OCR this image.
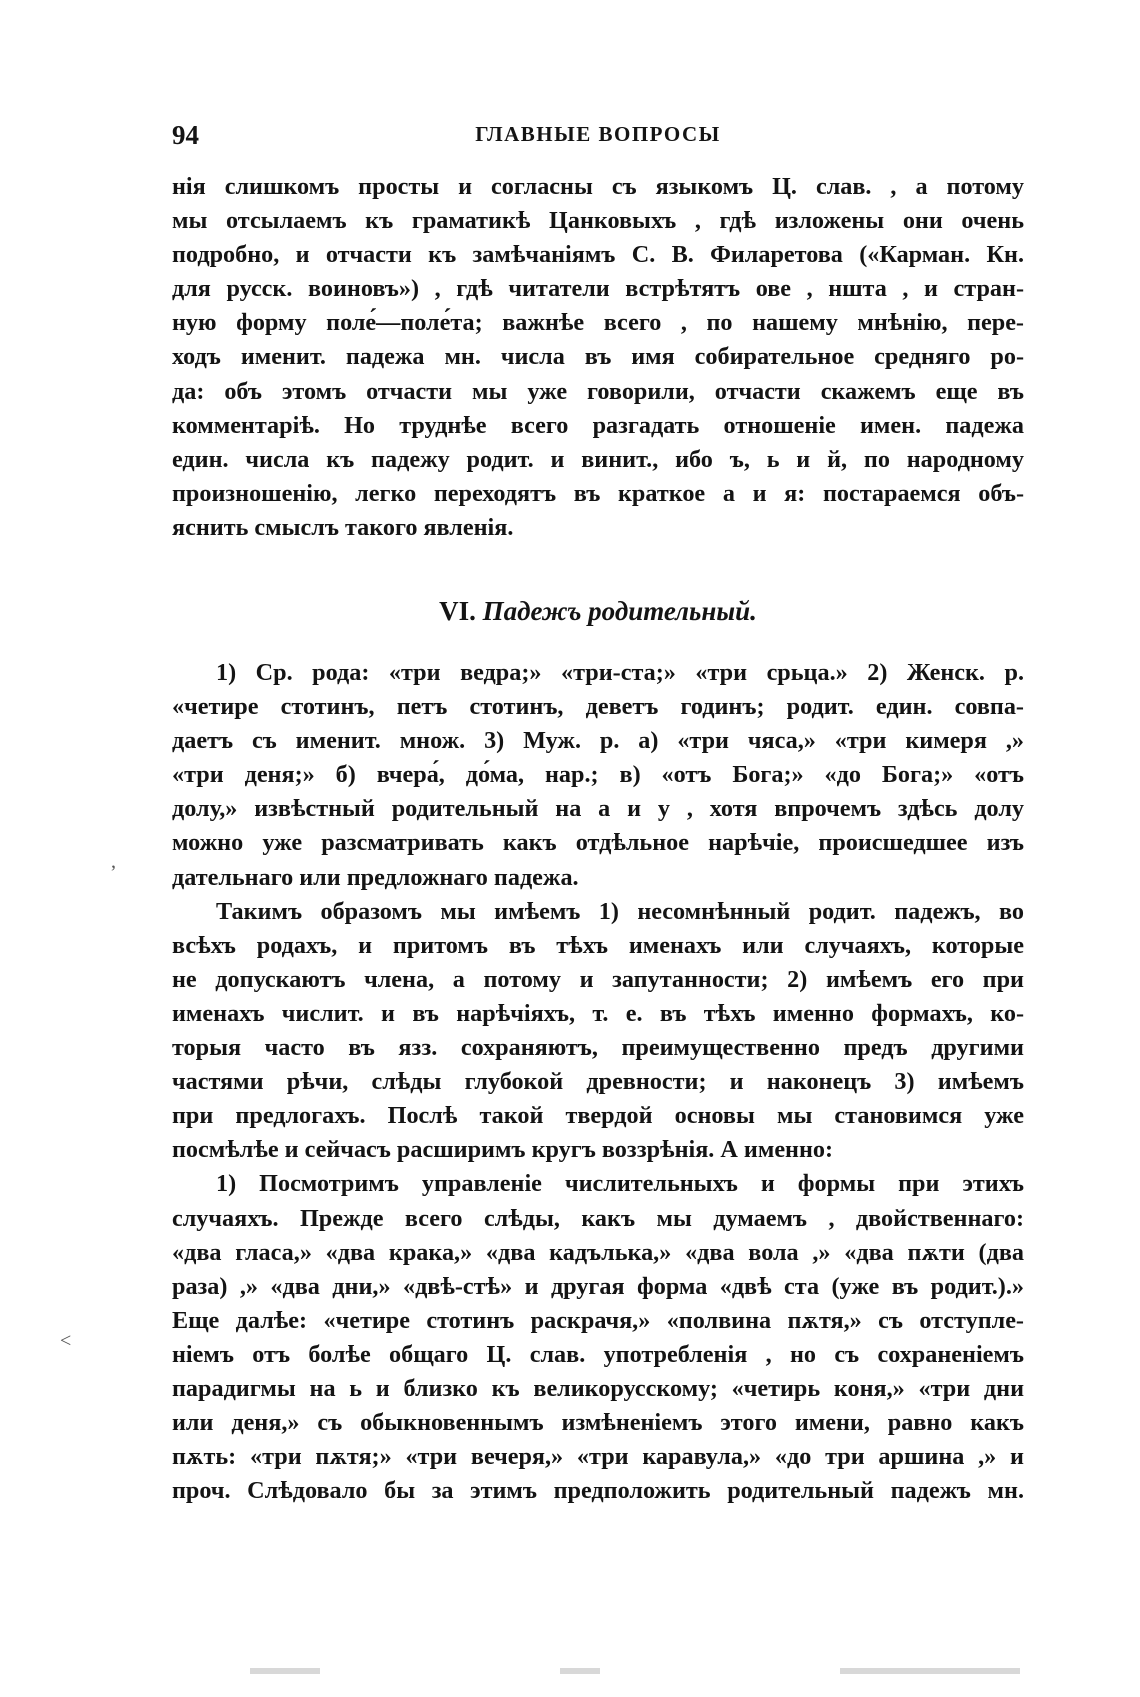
94	ГЛАВНЫЕ ВОПРОСЫ

нія слишкомъ просты и согласны съ языкомъ Ц. слав. , а потому
мы отсылаемъ къ граматикѣ Цанковыхъ , гдѣ изложены они очень
подробно, и отчасти къ замѣчаніямъ С. В. Филаретова («Карман. Кн.
для русск. воиновъ») , гдѣ читатели встрѣтятъ ове , ншта , и стран-
ную форму поле́—поле́та; важнѣе всего , по нашему мнѣнію, пере-
ходъ именит. падежа мн. числа въ имя собирательное средняго ро-
да: объ этомъ отчасти мы уже говорили, отчасти скажемъ еще въ
комментаріѣ. Но труднѣе всего разгадать отношеніе имен. падежа
един. числа къ падежу родит. и винит., ибо ъ, ь и й, по народному
произношенію, легко переходятъ въ краткое а и я: постараемся объ-
яснить смыслъ такого явленія.

VI. Падежъ родительный.

1) Ср. рода: «три ведра;» «три-ста;» «три срьца.» 2) Женск. р.
«четире стотинъ, петъ стотинъ, деветъ годинъ; родит. един. совпа-
даетъ съ именит. множ. 3) Муж. р. а) «три чяса,» «три кимеря ,»
«три деня;» б) вчера́, до́ма, нар.; в) «отъ Бога;» «до Бога;» «отъ
долу,» извѣстный родительный на а и у , хотя впрочемъ здѣсь долу
можно уже разсматривать какъ отдѣльное нарѣчіе, происшедшее изъ
дательнаго или предложнаго падежа.

Такимъ образомъ мы имѣемъ 1) несомнѣнный родит. падежъ, во
всѣхъ родахъ, и притомъ въ тѣхъ именахъ или случаяхъ, которые
не допускаютъ члена, а потому и запутанности; 2) имѣемъ его при
именахъ числит. и въ нарѣчіяхъ, т. е. въ тѣхъ именно формахъ, ко-
торыя часто въ язз. сохраняютъ, преимущественно предъ другими
частями рѣчи, слѣды глубокой древности; и наконецъ 3) имѣемъ
при предлогахъ. Послѣ такой твердой основы мы становимся уже
посмѣлѣе и сейчасъ расширимъ кругъ воззрѣнія. А именно:

1) Посмотримъ управленіе числительныхъ и формы при этихъ
случаяхъ. Прежде всего слѣды, какъ мы думаемъ , двойственнаго:
«два гласа,» «два крака,» «два кадълька,» «два вола ,» «два пѫти (два
раза) ,» «два дни,» «двѣ-стѣ» и другая форма «двѣ ста (уже въ родит.).»
Еще далѣе: «четире стотинъ раскрачя,» «полвина пѫтя,» съ отступле-
ніемъ отъ болѣе общаго Ц. слав. употребленія , но съ сохраненіемъ
парадигмы на ь и близко къ великорусскому; «четирь коня,» «три дни
или деня,» съ обыкновеннымъ измѣненіемъ этого имени, равно какъ
пѫть: «три пѫтя;» «три вечеря,» «три каравула,» «до три аршина ,» и
проч. Слѣдовало бы за этимъ предположить родительный падежъ мн.

ʼ
˂
